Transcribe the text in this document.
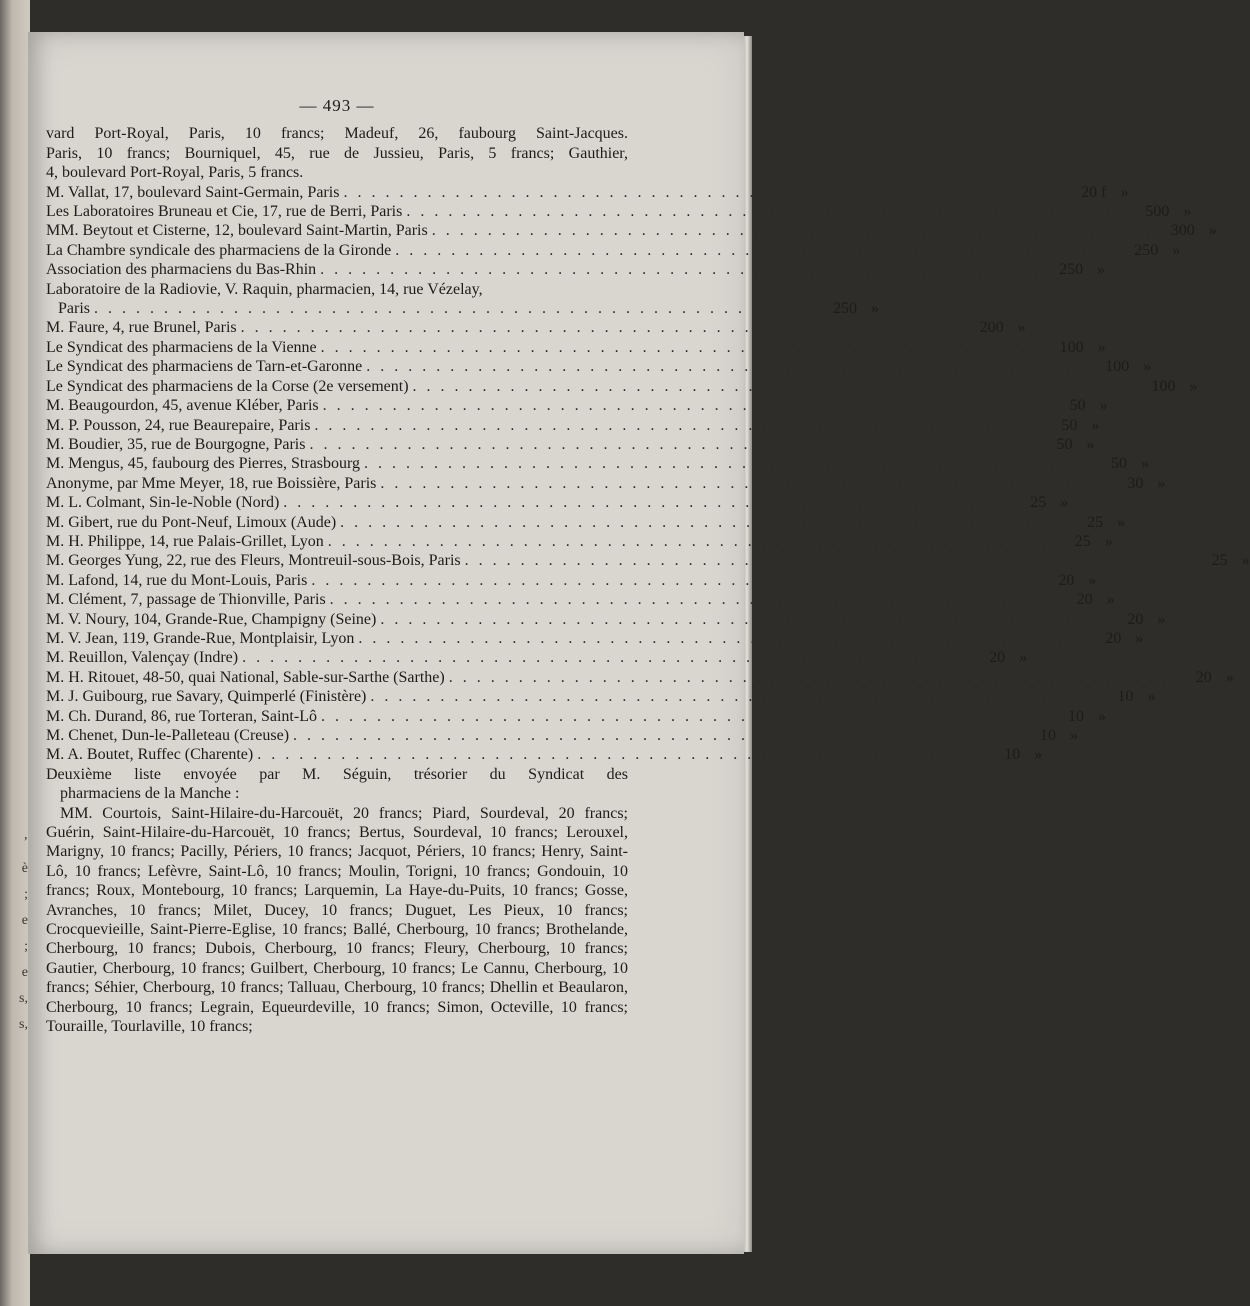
’
è
;
e
;
e
s,
s,
— 493 —
vard Port-Royal, Paris, 10 francs; Madeuf, 26, faubourg Saint-Jacques.
Paris, 10 francs; Bourniquel, 45, rue de Jussieu, Paris, 5 francs; Gauthier,
4, boulevard Port-Royal, Paris, 5 francs.
M. Vallat, 17, boulevard Saint-Germain, Paris . . . . . . . . . . . . . . . . . . . . . . . . . . . . . . . . . . . . . . . . . . . . . . . . . . . .	20 f »
Les Laboratoires Bruneau et Cie, 17, rue de Berri, Paris . . . . . . . . . . . . . . . . . . . . . . . . . . . . . . . . . . . . . . . . . . . . . . . . . . . .	500 »
MM. Beytout et Cisterne, 12, boulevard Saint-Martin, Paris . . . . . . . . . . . . . . . . . . . . . . . . . . . . . . . . . . . . . . . . . . . . . . . . . . . .	300 »
La Chambre syndicale des pharmaciens de la Gironde . . . . . . . . . . . . . . . . . . . . . . . . . . . . . . . . . . . . . . . . . . . . . . . . . . . .	250 »
Association des pharmaciens du Bas-Rhin . . . . . . . . . . . . . . . . . . . . . . . . . . . . . . . . . . . . . . . . . . . . . . . . . . . .	250 »
Laboratoire de la Radiovie, V. Raquin, pharmacien, 14, rue Vézelay,
Paris . . . . . . . . . . . . . . . . . . . . . . . . . . . . . . . . . . . . . . . . . . . . . . . . . . . .	250 »
M. Faure, 4, rue Brunel, Paris . . . . . . . . . . . . . . . . . . . . . . . . . . . . . . . . . . . . . . . . . . . . . . . . . . . .	200 »
Le Syndicat des pharmaciens de la Vienne . . . . . . . . . . . . . . . . . . . . . . . . . . . . . . . . . . . . . . . . . . . . . . . . . . . .	100 »
Le Syndicat des pharmaciens de Tarn-et-Garonne . . . . . . . . . . . . . . . . . . . . . . . . . . . . . . . . . . . . . . . . . . . . . . . . . . . .	100 »
Le Syndicat des pharmaciens de la Corse (2e versement) . . . . . . . . . . . . . . . . . . . . . . . . . . . . . . . . . . . . . . . . . . . . . . . . . . . .	100 »
M. Beaugourdon, 45, avenue Kléber, Paris . . . . . . . . . . . . . . . . . . . . . . . . . . . . . . . . . . . . . . . . . . . . . . . . . . . .	50 »
M. P. Pousson, 24, rue Beaurepaire, Paris . . . . . . . . . . . . . . . . . . . . . . . . . . . . . . . . . . . . . . . . . . . . . . . . . . . .	50 »
M. Boudier, 35, rue de Bourgogne, Paris . . . . . . . . . . . . . . . . . . . . . . . . . . . . . . . . . . . . . . . . . . . . . . . . . . . .	50 »
M. Mengus, 45, faubourg des Pierres, Strasbourg . . . . . . . . . . . . . . . . . . . . . . . . . . . . . . . . . . . . . . . . . . . . . . . . . . . .	50 »
Anonyme, par Mme Meyer, 18, rue Boissière, Paris . . . . . . . . . . . . . . . . . . . . . . . . . . . . . . . . . . . . . . . . . . . . . . . . . . . .	30 »
M. L. Colmant, Sin-le-Noble (Nord) . . . . . . . . . . . . . . . . . . . . . . . . . . . . . . . . . . . . . . . . . . . . . . . . . . . .	25 »
M. Gibert, rue du Pont-Neuf, Limoux (Aude) . . . . . . . . . . . . . . . . . . . . . . . . . . . . . . . . . . . . . . . . . . . . . . . . . . . .	25 »
M. H. Philippe, 14, rue Palais-Grillet, Lyon . . . . . . . . . . . . . . . . . . . . . . . . . . . . . . . . . . . . . . . . . . . . . . . . . . . .	25 »
M. Georges Yung, 22, rue des Fleurs, Montreuil-sous-Bois, Paris . . . . . . . . . . . . . . . . . . . . . . . . . . . . . . . . . . . . . . . . . . . . . . . . . . . .	25 »
M. Lafond, 14, rue du Mont-Louis, Paris . . . . . . . . . . . . . . . . . . . . . . . . . . . . . . . . . . . . . . . . . . . . . . . . . . . .	20 »
M. Clément, 7, passage de Thionville, Paris . . . . . . . . . . . . . . . . . . . . . . . . . . . . . . . . . . . . . . . . . . . . . . . . . . . .	20 »
M. V. Noury, 104, Grande-Rue, Champigny (Seine) . . . . . . . . . . . . . . . . . . . . . . . . . . . . . . . . . . . . . . . . . . . . . . . . . . . .	20 »
M. V. Jean, 119, Grande-Rue, Montplaisir, Lyon . . . . . . . . . . . . . . . . . . . . . . . . . . . . . . . . . . . . . . . . . . . . . . . . . . . .	20 »
M. Reuillon, Valençay (Indre) . . . . . . . . . . . . . . . . . . . . . . . . . . . . . . . . . . . . . . . . . . . . . . . . . . . .	20 »
M. H. Ritouet, 48-50, quai National, Sable-sur-Sarthe (Sarthe) . . . . . . . . . . . . . . . . . . . . . . . . . . . . . . . . . . . . . . . . . . . . . . . . . . . .	20 »
M. J. Guibourg, rue Savary, Quimperlé (Finistère) . . . . . . . . . . . . . . . . . . . . . . . . . . . . . . . . . . . . . . . . . . . . . . . . . . . .	10 »
M. Ch. Durand, 86, rue Torteran, Saint-Lô . . . . . . . . . . . . . . . . . . . . . . . . . . . . . . . . . . . . . . . . . . . . . . . . . . . .	10 »
M. Chenet, Dun-le-Palleteau (Creuse) . . . . . . . . . . . . . . . . . . . . . . . . . . . . . . . . . . . . . . . . . . . . . . . . . . . .	10 »
M. A. Boutet, Ruffec (Charente) . . . . . . . . . . . . . . . . . . . . . . . . . . . . . . . . . . . . . . . . . . . . . . . . . . . .	10 »
Deuxième liste envoyée par M. Séguin, trésorier du Syndicat des
pharmaciens de la Manche :
MM. Courtois, Saint-Hilaire-du-Harcouët, 20 francs; Piard, Sourdeval, 20 francs; Guérin, Saint-Hilaire-du-Harcouët, 10 francs; Bertus, Sourdeval, 10 francs; Lerouxel, Marigny, 10 francs; Pacilly, Périers, 10 francs; Jacquot, Périers, 10 francs; Henry, Saint-Lô, 10 francs; Lefèvre, Saint-Lô, 10 francs; Moulin, Torigni, 10 francs; Gondouin, 10 francs; Roux, Montebourg, 10 francs; Larquemin, La Haye-du-Puits, 10 francs; Gosse, Avranches, 10 francs; Milet, Ducey, 10 francs; Duguet, Les Pieux, 10 francs; Crocquevieille, Saint-Pierre-Eglise, 10 francs; Ballé, Cherbourg, 10 francs; Brothelande, Cherbourg, 10 francs; Dubois, Cherbourg, 10 francs; Fleury, Cherbourg, 10 francs; Gautier, Cherbourg, 10 francs; Guilbert, Cherbourg, 10 francs; Le Cannu, Cherbourg, 10 francs; Séhier, Cherbourg, 10 francs; Talluau, Cherbourg, 10 francs; Dhellin et Beaularon, Cherbourg, 10 francs; Legrain, Equeurdeville, 10 francs; Simon, Octeville, 10 francs; Touraille, Tourlaville, 10 francs;
